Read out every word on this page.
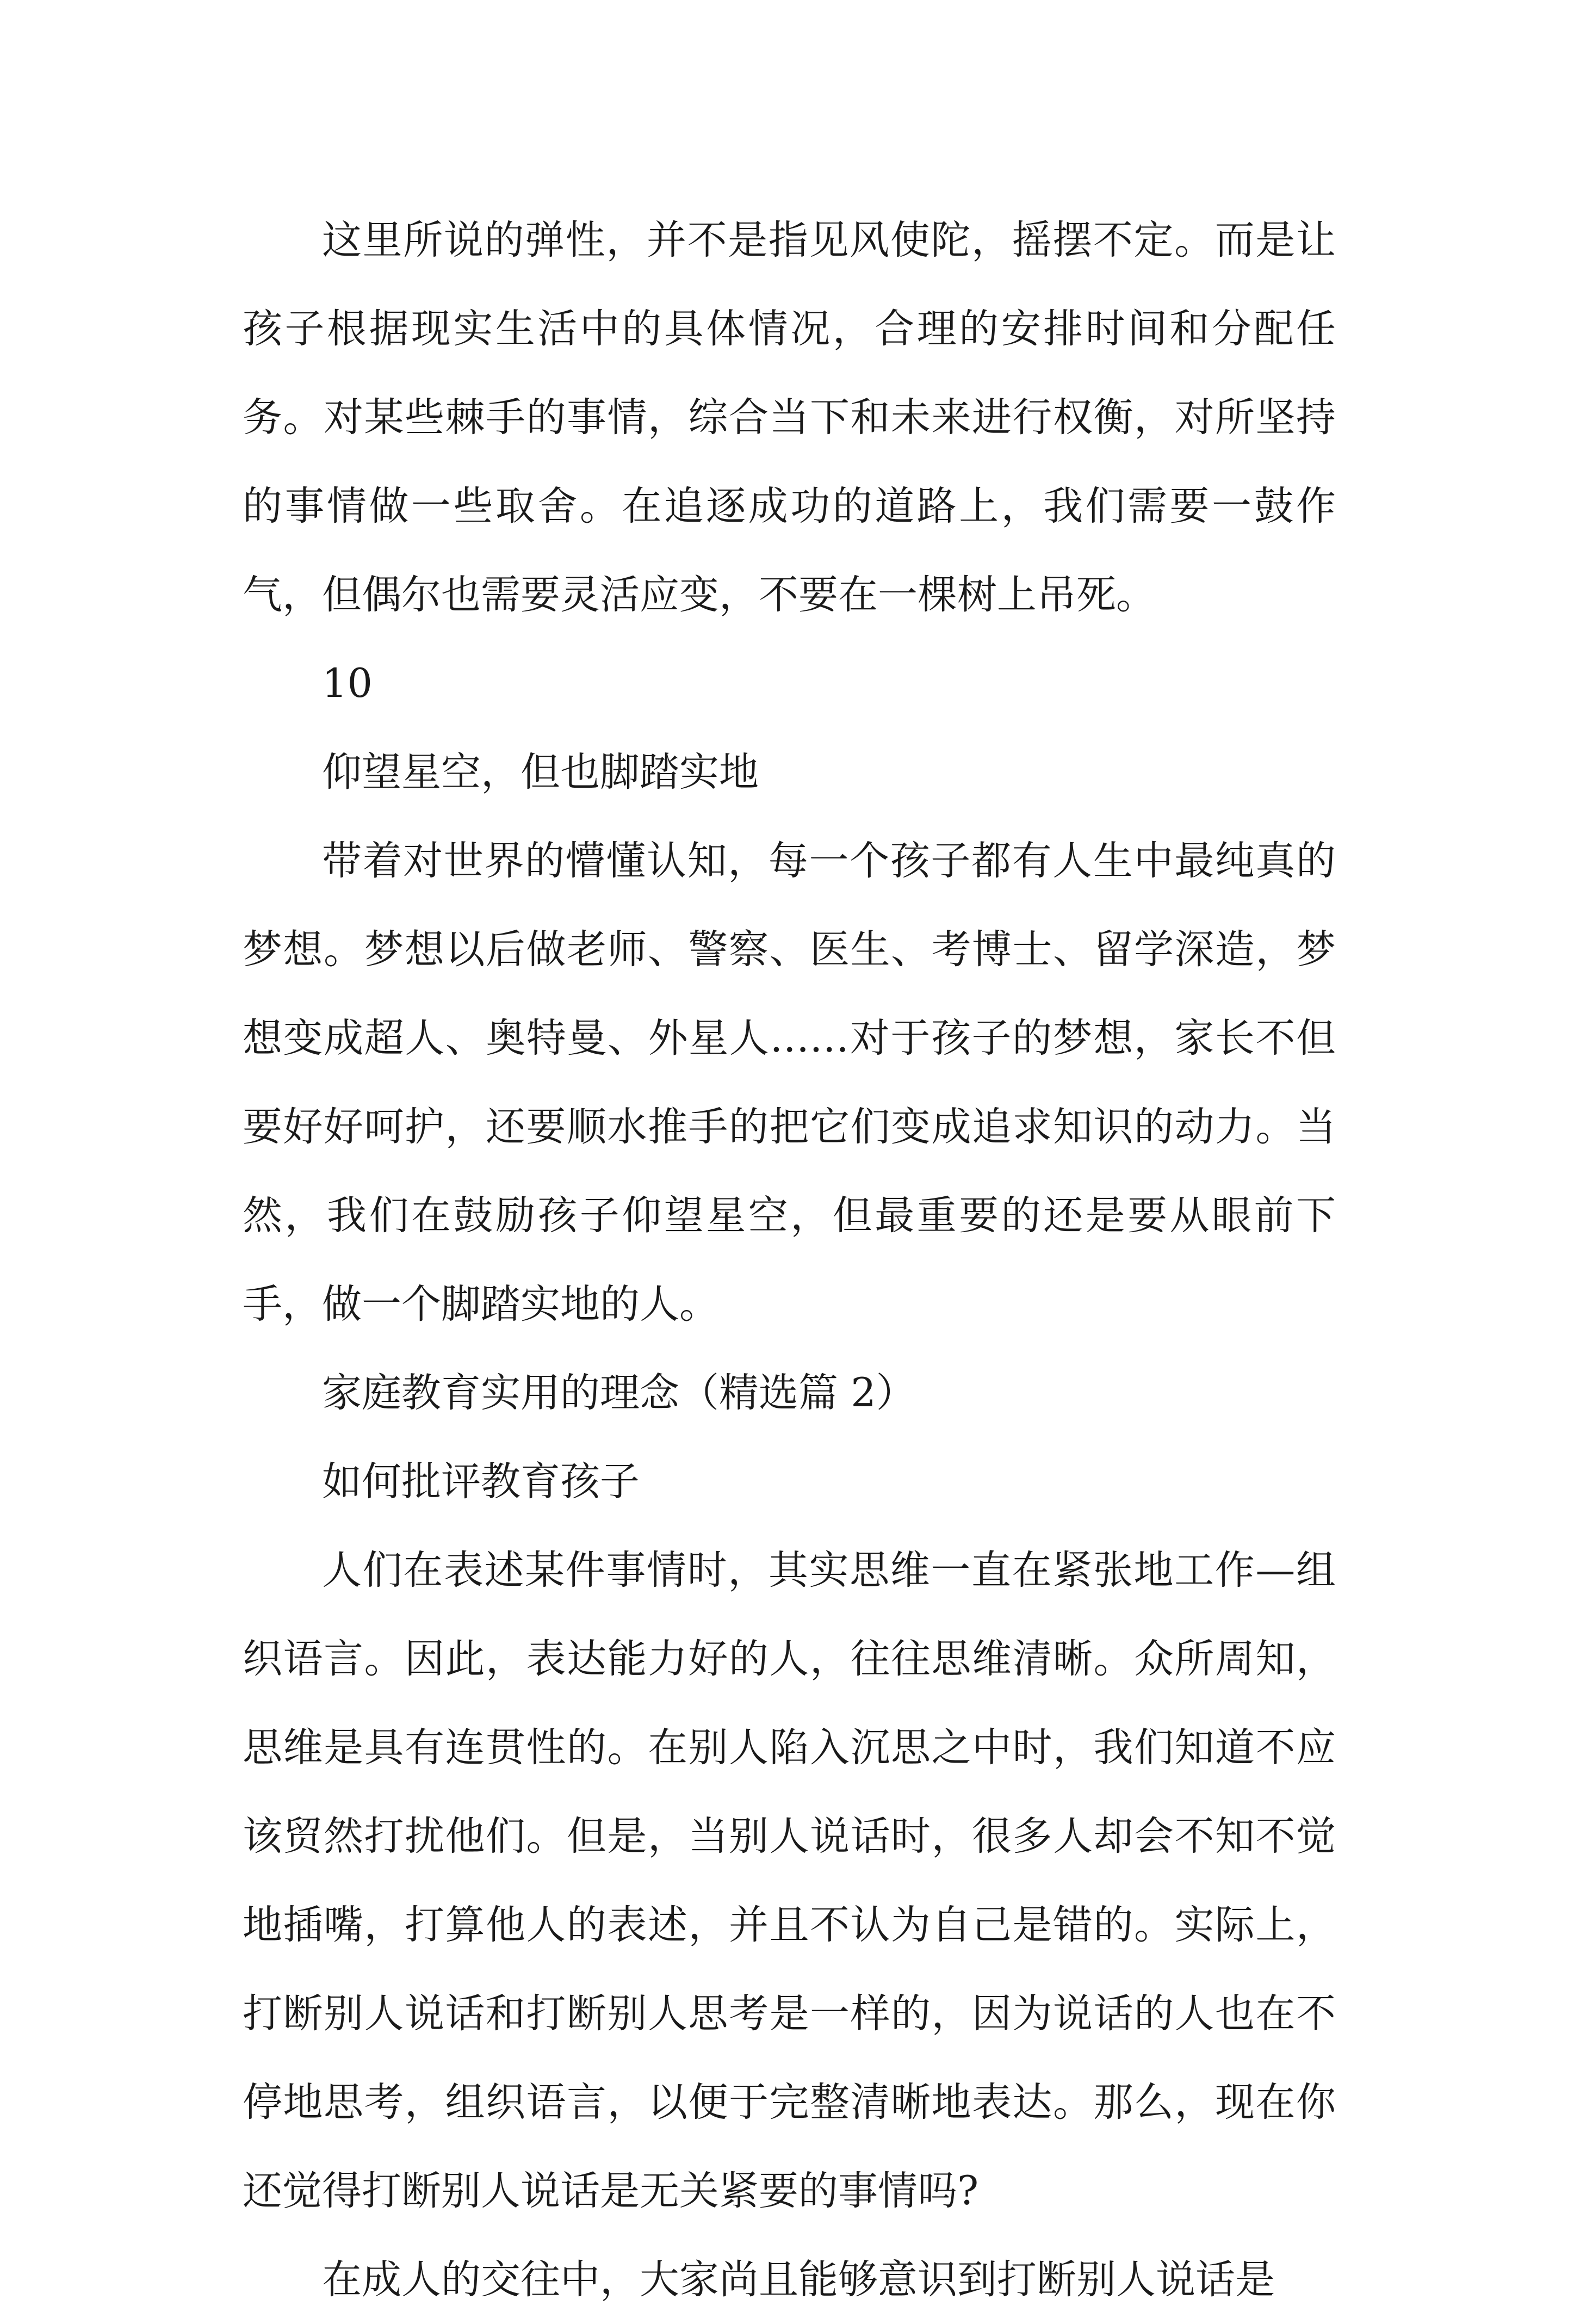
这里所说的弹性，并不是指见风使陀，摇摆不定。而是让孩子根据现实生活中的具体情况，合理的安排时间和分配任务。对某些棘手的事情，综合当下和未来进行权衡，对所坚持的事情做一些取舍。在追逐成功的道路上，我们需要一鼓作气，但偶尔也需要灵活应变，不要在一棵树上吊死。

10

仰望星空，但也脚踏实地

带着对世界的懵懂认知，每一个孩子都有人生中最纯真的梦想。梦想以后做老师、警察、医生、考博士、留学深造，梦想变成超人、奥特曼、外星人……对于孩子的梦想，家长不但要好好呵护，还要顺水推手的把它们变成追求知识的动力。当然，我们在鼓励孩子仰望星空，但最重要的还是要从眼前下手，做一个脚踏实地的人。

家庭教育实用的理念（精选篇 2）

如何批评教育孩子

人们在表述某件事情时，其实思维一直在紧张地工作—组织语言。因此，表达能力好的人，往往思维清晰。众所周知，思维是具有连贯性的。在别人陷入沉思之中时，我们知道不应该贸然打扰他们。但是，当别人说话时，很多人却会不知不觉地插嘴，打算他人的表述，并且不认为自己是错的。实际上，打断别人说话和打断别人思考是一样的，因为说话的人也在不停地思考，组织语言，以便于完整清晰地表达。那么，现在你还觉得打断别人说话是无关紧要的事情吗?

在成人的交往中，大家尚且能够意识到打断别人说话是
